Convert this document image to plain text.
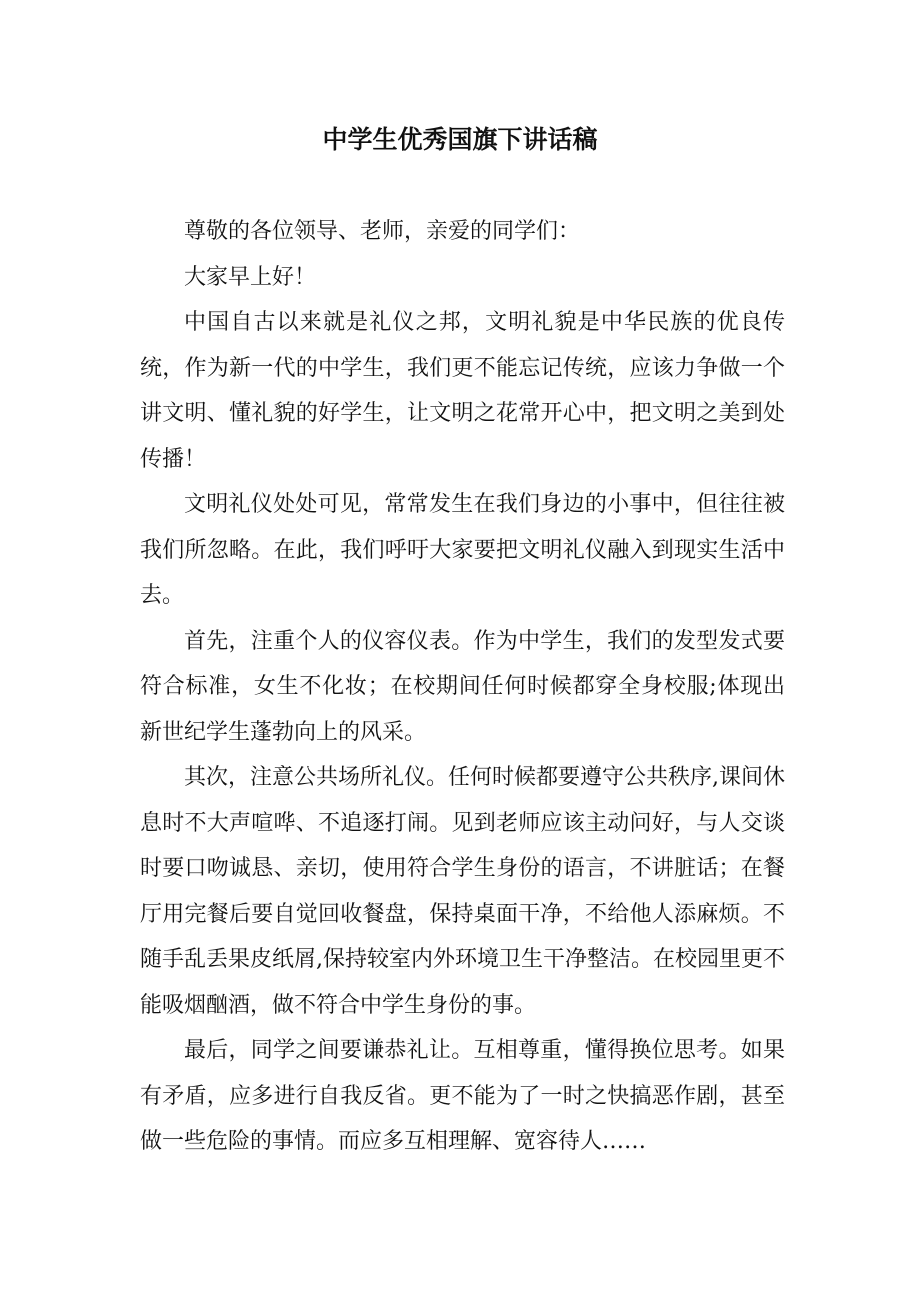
中学生优秀国旗下讲话稿

尊敬的各位领导、老师，亲爱的同学们：

大家早上好！

中国自古以来就是礼仪之邦，文明礼貌是中华民族的优良传统，作为新一代的中学生，我们更不能忘记传统，应该力争做一个讲文明、懂礼貌的好学生，让文明之花常开心中，把文明之美到处传播！

文明礼仪处处可见，常常发生在我们身边的小事中，但往往被我们所忽略。在此，我们呼吁大家要把文明礼仪融入到现实生活中去。

首先，注重个人的仪容仪表。作为中学生，我们的发型发式要符合标准，女生不化妆；在校期间任何时候都穿全身校服;体现出新世纪学生蓬勃向上的风采。

其次，注意公共场所礼仪。任何时候都要遵守公共秩序,课间休息时不大声喧哗、不追逐打闹。见到老师应该主动问好，与人交谈时要口吻诚恳、亲切，使用符合学生身份的语言，不讲脏话；在餐厅用完餐后要自觉回收餐盘，保持桌面干净，不给他人添麻烦。不随手乱丢果皮纸屑,保持较室内外环境卫生干净整洁。在校园里更不能吸烟酗酒，做不符合中学生身份的事。

最后，同学之间要谦恭礼让。互相尊重，懂得换位思考。如果有矛盾，应多进行自我反省。更不能为了一时之快搞恶作剧，甚至做一些危险的事情。而应多互相理解、宽容待人……
